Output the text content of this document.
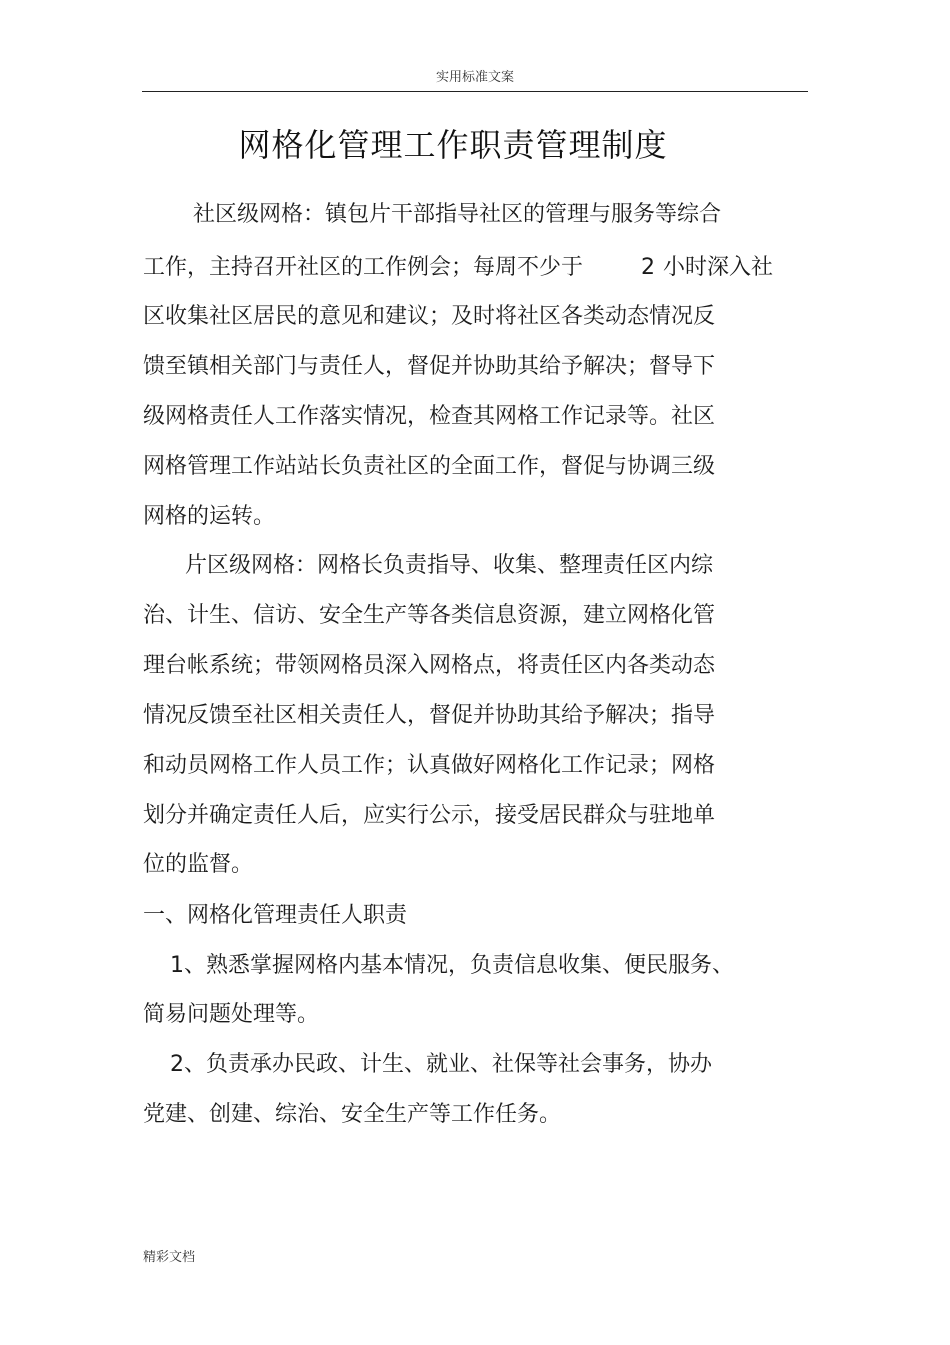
实用标准文案
网格化管理工作职责管理制度
社区级网格：镇包片干部指导社区的管理与服务等综合
工作，主持召开社区的工作例会；每周不少于	2 小时深入社
区收集社区居民的意见和建议；及时将社区各类动态情况反
馈至镇相关部门与责任人，督促并协助其给予解决；督导下
级网格责任人工作落实情况，检查其网格工作记录等。社区
网格管理工作站站长负责社区的全面工作，督促与协调三级
网格的运转。
片区级网格：网格长负责指导、收集、整理责任区内综
治、计生、信访、安全生产等各类信息资源，建立网格化管
理台帐系统；带领网格员深入网格点，将责任区内各类动态
情况反馈至社区相关责任人，督促并协助其给予解决；指导
和动员网格工作人员工作；认真做好网格化工作记录；网格
划分并确定责任人后，应实行公示，接受居民群众与驻地单
位的监督。
一、网格化管理责任人职责
1、熟悉掌握网格内基本情况，负责信息收集、便民服务、
简易问题处理等。
2、负责承办民政、计生、就业、社保等社会事务，协办
党建、创建、综治、安全生产等工作任务。
精彩文档
